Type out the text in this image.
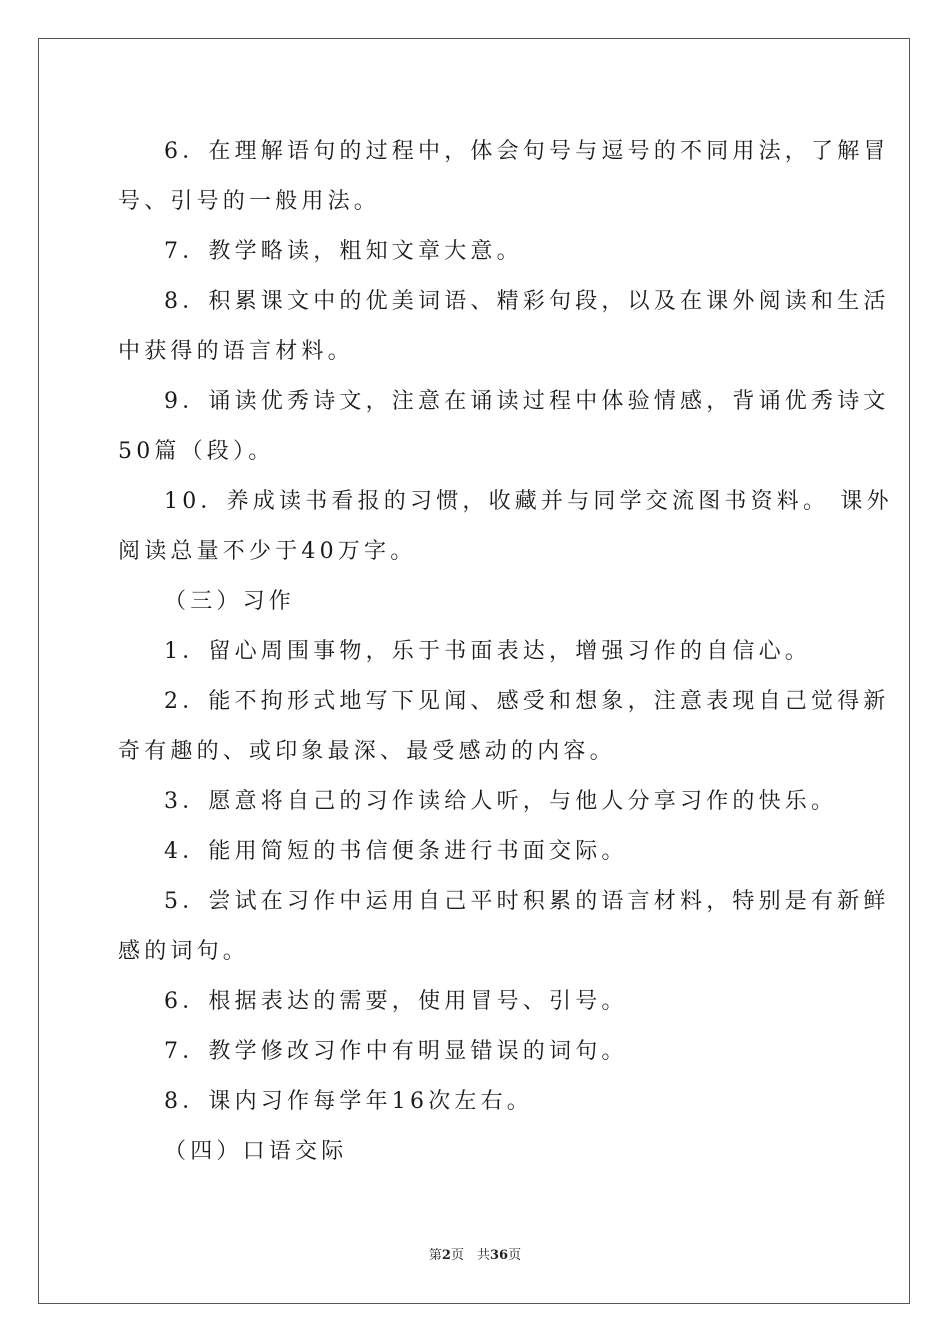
6．在理解语句的过程中，体会句号与逗号的不同用法，了解冒
号、引号的一般用法。
7．教学略读，粗知文章大意。
8．积累课文中的优美词语、精彩句段，以及在课外阅读和生活
中获得的语言材料。
9．诵读优秀诗文，注意在诵读过程中体验情感，背诵优秀诗文
50篇（段）。
10．养成读书看报的习惯，收藏并与同学交流图书资料。 课外
阅读总量不少于40万字。
（三）习作
1．留心周围事物，乐于书面表达，增强习作的自信心。
2．能不拘形式地写下见闻、感受和想象，注意表现自己觉得新
奇有趣的、或印象最深、最受感动的内容。
3．愿意将自己的习作读给人听，与他人分享习作的快乐。
4．能用简短的书信便条进行书面交际。
5．尝试在习作中运用自己平时积累的语言材料，特别是有新鲜
感的词句。
6．根据表达的需要，使用冒号、引号。
7．教学修改习作中有明显错误的词句。
8．课内习作每学年16次左右。
（四）口语交际
第2页　共36页
